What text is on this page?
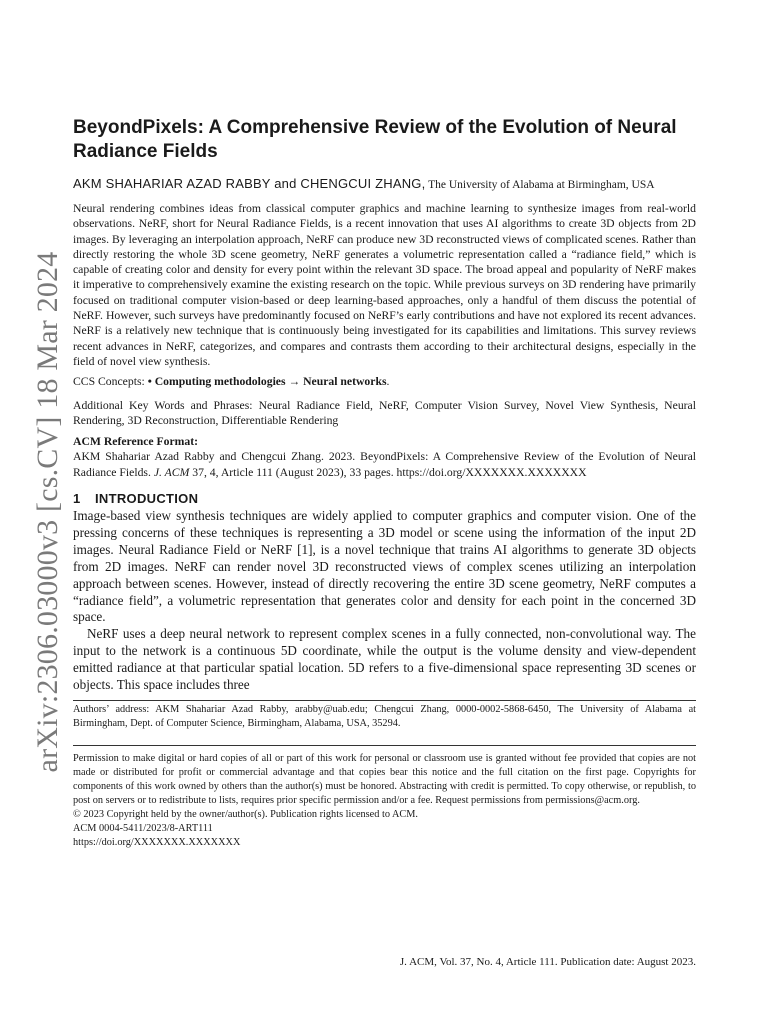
arXiv:2306.03000v3 [cs.CV] 18 Mar 2024
BeyondPixels: A Comprehensive Review of the Evolution of Neural Radiance Fields
AKM SHAHARIAR AZAD RABBY and CHENGCUI ZHANG, The University of Alabama at Birmingham, USA
Neural rendering combines ideas from classical computer graphics and machine learning to synthesize images from real-world observations. NeRF, short for Neural Radiance Fields, is a recent innovation that uses AI algorithms to create 3D objects from 2D images. By leveraging an interpolation approach, NeRF can produce new 3D reconstructed views of complicated scenes. Rather than directly restoring the whole 3D scene geometry, NeRF generates a volumetric representation called a “radiance field,” which is capable of creating color and density for every point within the relevant 3D space. The broad appeal and popularity of NeRF makes it imperative to comprehensively examine the existing research on the topic. While previous surveys on 3D rendering have primarily focused on traditional computer vision-based or deep learning-based approaches, only a handful of them discuss the potential of NeRF. However, such surveys have predominantly focused on NeRF’s early contributions and have not explored its recent advances. NeRF is a relatively new technique that is continuously being investigated for its capabilities and limitations. This survey reviews recent advances in NeRF, categorizes, and compares and contrasts them according to their architectural designs, especially in the field of novel view synthesis.
CCS Concepts: • Computing methodologies → Neural networks.
Additional Key Words and Phrases: Neural Radiance Field, NeRF, Computer Vision Survey, Novel View Synthesis, Neural Rendering, 3D Reconstruction, Differentiable Rendering
ACM Reference Format:
AKM Shahariar Azad Rabby and Chengcui Zhang. 2023. BeyondPixels: A Comprehensive Review of the Evolution of Neural Radiance Fields. J. ACM 37, 4, Article 111 (August 2023), 33 pages. https://doi.org/XXXXXXX.XXXXXXX
1 INTRODUCTION

Image-based view synthesis techniques are widely applied to computer graphics and computer vision. One of the pressing concerns of these techniques is representing a 3D model or scene using the information of the input 2D images. Neural Radiance Field or NeRF [1], is a novel technique that trains AI algorithms to generate 3D objects from 2D images. NeRF can render novel 3D reconstructed views of complex scenes utilizing an interpolation approach between scenes. However, instead of directly recovering the entire 3D scene geometry, NeRF computes a “radiance field”, a volumetric representation that generates color and density for each point in the concerned 3D space.

NeRF uses a deep neural network to represent complex scenes in a fully connected, non-convolutional way. The input to the network is a continuous 5D coordinate, while the output is the volume density and view-dependent emitted radiance at that particular spatial location. 5D refers to a five-dimensional space representing 3D scenes or objects. This space includes three

Authors’ address: AKM Shahariar Azad Rabby, arabby@uab.edu; Chengcui Zhang, 0000-0002-5868-6450, The University of Alabama at Birmingham, Dept. of Computer Science, Birmingham, Alabama, USA, 35294.

Permission to make digital or hard copies of all or part of this work for personal or classroom use is granted without fee provided that copies are not made or distributed for profit or commercial advantage and that copies bear this notice and the full citation on the first page. Copyrights for components of this work owned by others than the author(s) must be honored. Abstracting with credit is permitted. To copy otherwise, or republish, to post on servers or to redistribute to lists, requires prior specific permission and/or a fee. Request permissions from permissions@acm.org.

© 2023 Copyright held by the owner/author(s). Publication rights licensed to ACM.

ACM 0004-5411/2023/8-ART111

https://doi.org/XXXXXXX.XXXXXXX

J. ACM, Vol. 37, No. 4, Article 111. Publication date: August 2023.
